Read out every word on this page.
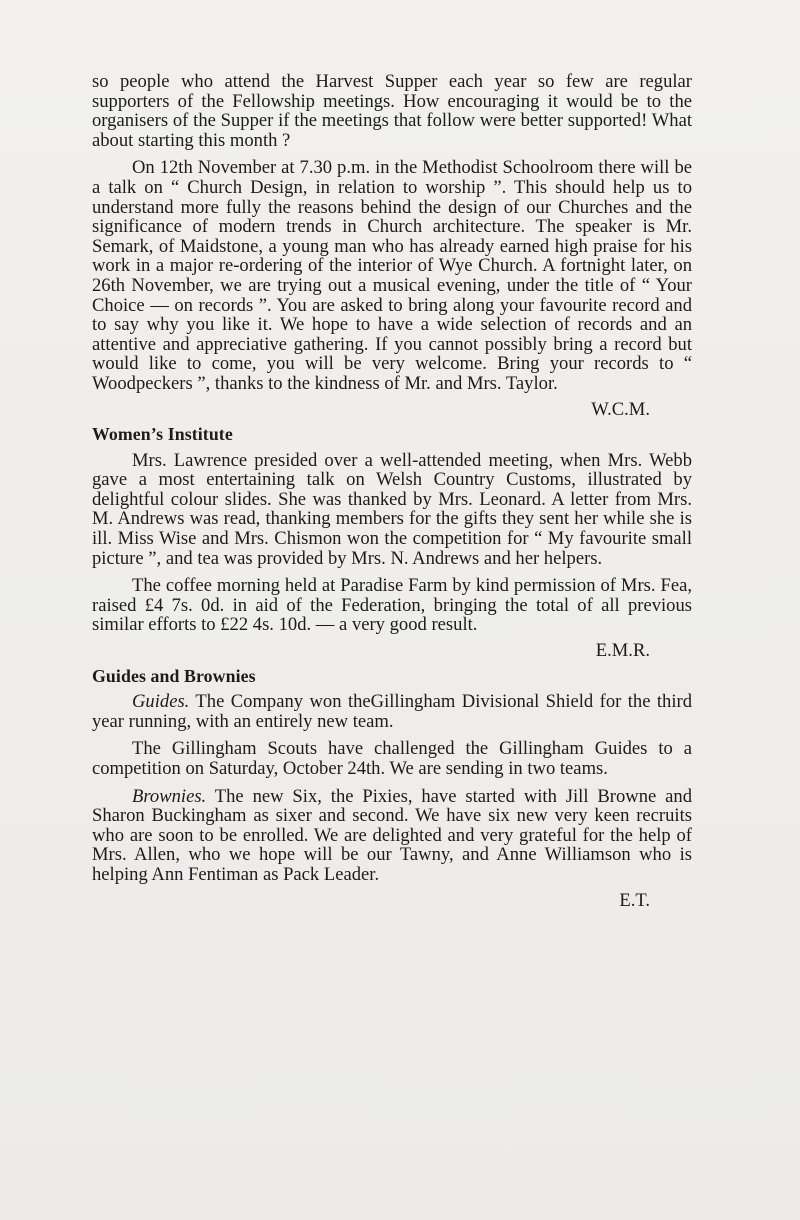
so people who attend the Harvest Supper each year so few are regular supporters of the Fellowship meetings. How encouraging it would be to the organisers of the Supper if the meetings that follow were better supported! What about starting this month ?

On 12th November at 7.30 p.m. in the Methodist Schoolroom there will be a talk on “ Church Design, in relation to worship ”. This should help us to understand more fully the reasons behind the design of our Churches and the significance of modern trends in Church architecture. The speaker is Mr. Semark, of Maidstone, a young man who has already earned high praise for his work in a major re-ordering of the interior of Wye Church. A fortnight later, on 26th November, we are trying out a musical evening, under the title of “ Your Choice — on records ”. You are asked to bring along your favourite record and to say why you like it. We hope to have a wide selection of records and an attentive and appreciative gathering. If you cannot possibly bring a record but would like to come, you will be very welcome. Bring your records to “ Woodpeckers ”, thanks to the kindness of Mr. and Mrs. Taylor.

W.C.M.
Women’s Institute

Mrs. Lawrence presided over a well-attended meeting, when Mrs. Webb gave a most entertaining talk on Welsh Country Customs, illustrated by delightful colour slides. She was thanked by Mrs. Leonard. A letter from Mrs. M. Andrews was read, thanking members for the gifts they sent her while she is ill. Miss Wise and Mrs. Chismon won the competition for “ My favourite small picture ”, and tea was provided by Mrs. N. Andrews and her helpers.

The coffee morning held at Paradise Farm by kind permission of Mrs. Fea, raised £4 7s. 0d. in aid of the Federation, bringing the total of all previous similar efforts to £22 4s. 10d. — a very good result.

E.M.R.
Guides and Brownies

Guides. The Company won theGillingham Divisional Shield for the third year running, with an entirely new team.

The Gillingham Scouts have challenged the Gillingham Guides to a competition on Saturday, October 24th. We are sending in two teams.

Brownies. The new Six, the Pixies, have started with Jill Browne and Sharon Buckingham as sixer and second. We have six new very keen recruits who are soon to be enrolled. We are delighted and very grateful for the help of Mrs. Allen, who we hope will be our Tawny, and Anne Williamson who is helping Ann Fentiman as Pack Leader.

E.T.
